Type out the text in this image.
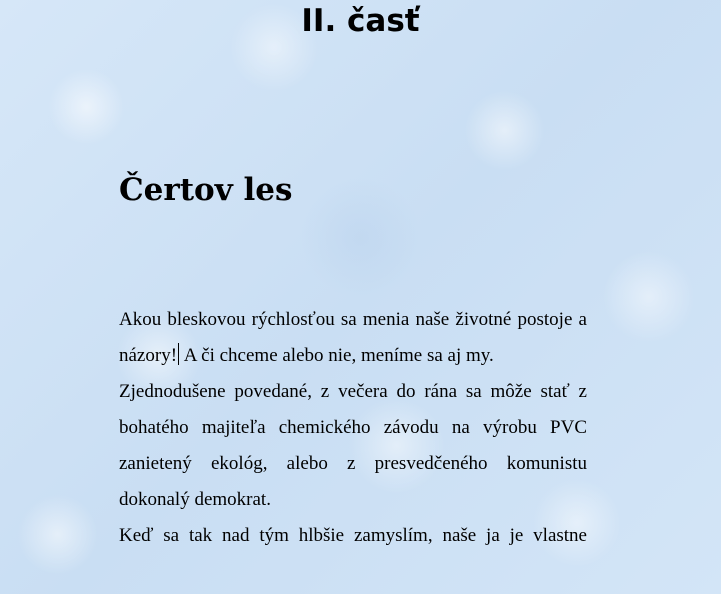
II. časť
Čertov les

Akou bleskovou rýchlosťou sa menia naše životné postoje a názory! A či chceme alebo nie, meníme sa aj my.

Zjednodušene povedané, z večera do rána sa môže stať z bohatého majiteľa chemického závodu na výrobu PVC zanietený ekológ, alebo z presvedčeného komunistu dokonalý demokrat.

Keď sa tak nad tým hlbšie zamyslím, naše ja je vlastne
